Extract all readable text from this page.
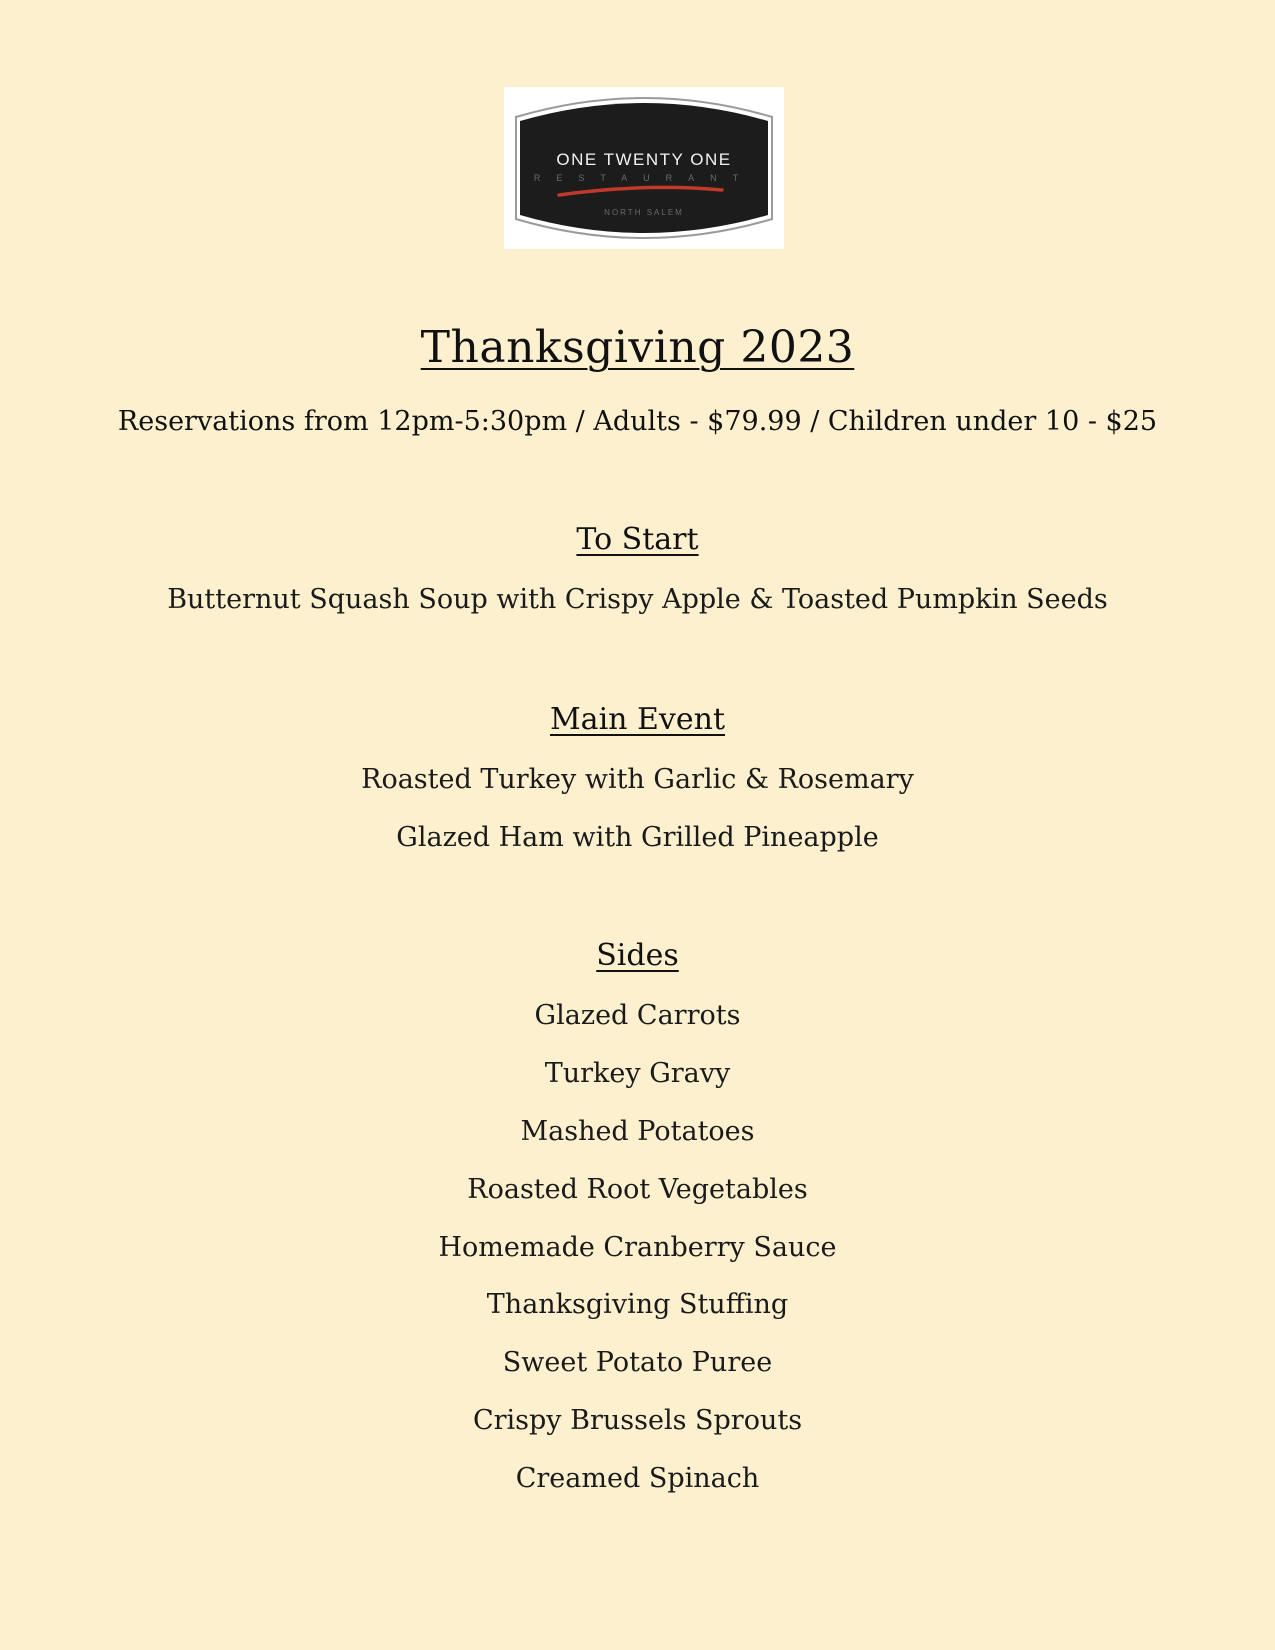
ONE TWENTY ONE
RESTAURANT
NORTH SALEM
Thanksgiving 2023
Reservations from 12pm-5:30pm / Adults - $79.99 / Children under 10 - $25
To Start
Butternut Squash Soup with Crispy Apple & Toasted Pumpkin Seeds
Main Event
Roasted Turkey with Garlic & Rosemary
Glazed Ham with Grilled Pineapple
Sides
Glazed Carrots
Turkey Gravy
Mashed Potatoes
Roasted Root Vegetables
Homemade Cranberry Sauce
Thanksgiving Stuffing
Sweet Potato Puree
Crispy Brussels Sprouts
Creamed Spinach
